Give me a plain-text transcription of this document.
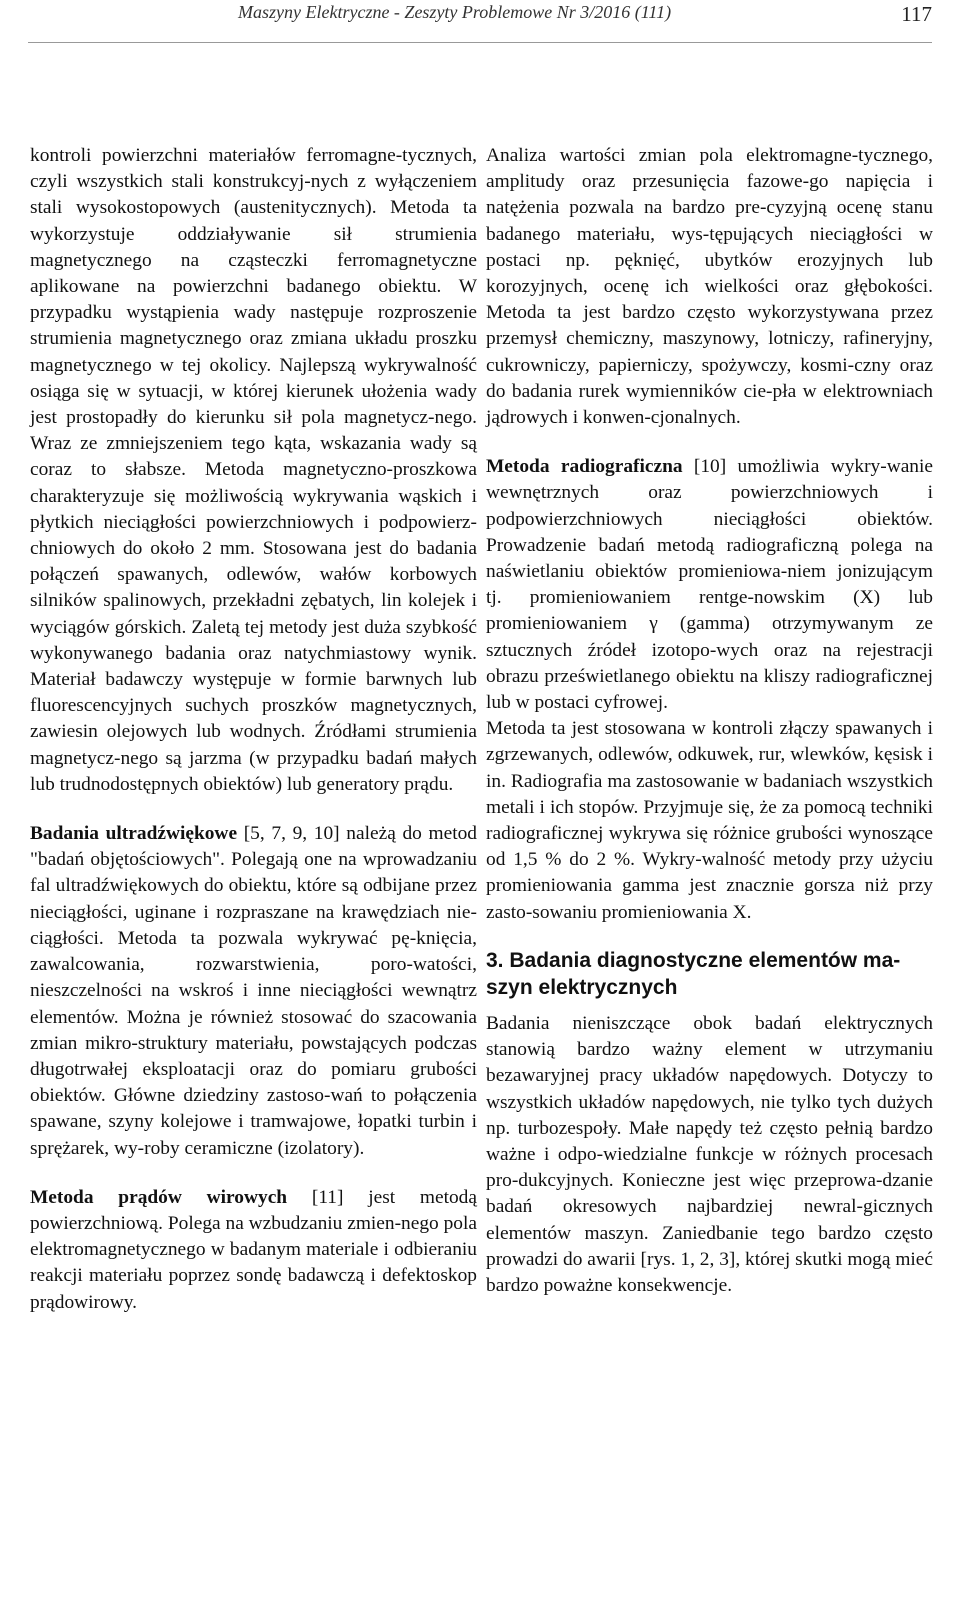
Maszyny Elektryczne - Zeszyty Problemowe Nr 3/2016 (111)	117

kontroli powierzchni materiałów ferromagne-tycznych, czyli wszystkich stali konstrukcyj-nych z wyłączeniem stali wysokostopowych (austenitycznych). Metoda ta wykorzystuje oddziaływanie sił strumienia magnetycznego na cząsteczki ferromagnetyczne aplikowane na powierzchni badanego obiektu. W przypadku wystąpienia wady następuje rozproszenie strumienia magnetycznego oraz zmiana układu proszku magnetycznego w tej okolicy. Najlepszą wykrywalność osiąga się w sytuacji, w której kierunek ułożenia wady jest prostopadły do kierunku sił pola magnetycz-nego. Wraz ze zmniejszeniem tego kąta, wskazania wady są coraz to słabsze. Metoda magnetyczno-proszkowa charakteryzuje się możliwością wykrywania wąskich i płytkich nieciągłości powierzchniowych i podpowierz-chniowych do około 2 mm. Stosowana jest do badania połączeń spawanych, odlewów, wałów korbowych silników spalinowych, przekładni zębatych, lin kolejek i wyciągów górskich. Zaletą tej metody jest duża szybkość wykonywanego badania oraz natychmiastowy wynik. Materiał badawczy występuje w formie barwnych lub fluorescencyjnych suchych proszków magnetycznych, zawiesin olejowych lub wodnych. Źródłami strumienia magnetycz-nego są jarzma (w przypadku badań małych lub trudnodostępnych obiektów) lub generatory prądu.

Badania ultradźwiękowe [5, 7, 9, 10] należą do metod "badań objętościowych". Polegają one na wprowadzaniu fal ultradźwiękowych do obiektu, które są odbijane przez nieciągłości, uginane i rozpraszane na krawędziach nie-ciągłości. Metoda ta pozwala wykrywać pę-knięcia, zawalcowania, rozwarstwienia, poro-watości, nieszczelności na wskroś i inne nieciągłości wewnątrz elementów. Można je również stosować do szacowania zmian mikro-struktury materiału, powstających podczas długotrwałej eksploatacji oraz do pomiaru grubości obiektów. Główne dziedziny zastoso-wań to połączenia spawane, szyny kolejowe i tramwajowe, łopatki turbin i sprężarek, wy-roby ceramiczne (izolatory).

Metoda prądów wirowych [11] jest metodą powierzchniową. Polega na wzbudzaniu zmien-nego pola elektromagnetycznego w badanym materiale i odbieraniu reakcji materiału poprzez sondę badawczą i defektoskop prądowirowy.

Analiza wartości zmian pola elektromagne-tycznego, amplitudy oraz przesunięcia fazowe-go napięcia i natężenia pozwala na bardzo pre-cyzyjną ocenę stanu badanego materiału, wys-tępujących nieciągłości w postaci np. pęknięć, ubytków erozyjnych lub korozyjnych, ocenę ich wielkości oraz głębokości. Metoda ta jest bardzo często wykorzystywana przez przemysł chemiczny, maszynowy, lotniczy, rafineryjny, cukrowniczy, papierniczy, spożywczy, kosmi-czny oraz do badania rurek wymienników cie-pła w elektrowniach jądrowych i konwen-cjonalnych.

Metoda radiograficzna [10] umożliwia wykry-wanie wewnętrznych oraz powierzchniowych i podpowierzchniowych nieciągłości obiektów. Prowadzenie badań metodą radiograficzną polega na naświetlaniu obiektów promieniowa-niem jonizującym tj. promieniowaniem rentge-nowskim (X) lub promieniowaniem γ (gamma) otrzymywanym ze sztucznych źródeł izotopo-wych oraz na rejestracji obrazu prześwietlanego obiektu na kliszy radiograficznej lub w postaci cyfrowej.

Metoda ta jest stosowana w kontroli złączy spawanych i zgrzewanych, odlewów, odkuwek, rur, wlewków, kęsisk i in. Radiografia ma zastosowanie w badaniach wszystkich metali i ich stopów. Przyjmuje się, że za pomocą techniki radiograficznej wykrywa się różnice grubości wynoszące od 1,5 % do 2 %. Wykry-walność metody przy użyciu promieniowania gamma jest znacznie gorsza niż przy zasto-sowaniu promieniowania X.

3. Badania diagnostyczne elementów ma-szyn elektrycznych

Badania nieniszczące obok badań elektrycznych stanowią bardzo ważny element w utrzymaniu bezawaryjnej pracy układów napędowych. Dotyczy to wszystkich układów napędowych, nie tylko tych dużych np. turbozespoły. Małe napędy też często pełnią bardzo ważne i odpo-wiedzialne funkcje w różnych procesach pro-dukcyjnych. Konieczne jest więc przeprowa-dzanie badań okresowych najbardziej newral-gicznych elementów maszyn. Zaniedbanie tego bardzo często prowadzi do awarii [rys. 1, 2, 3], której skutki mogą mieć bardzo poważne konsekwencje.
